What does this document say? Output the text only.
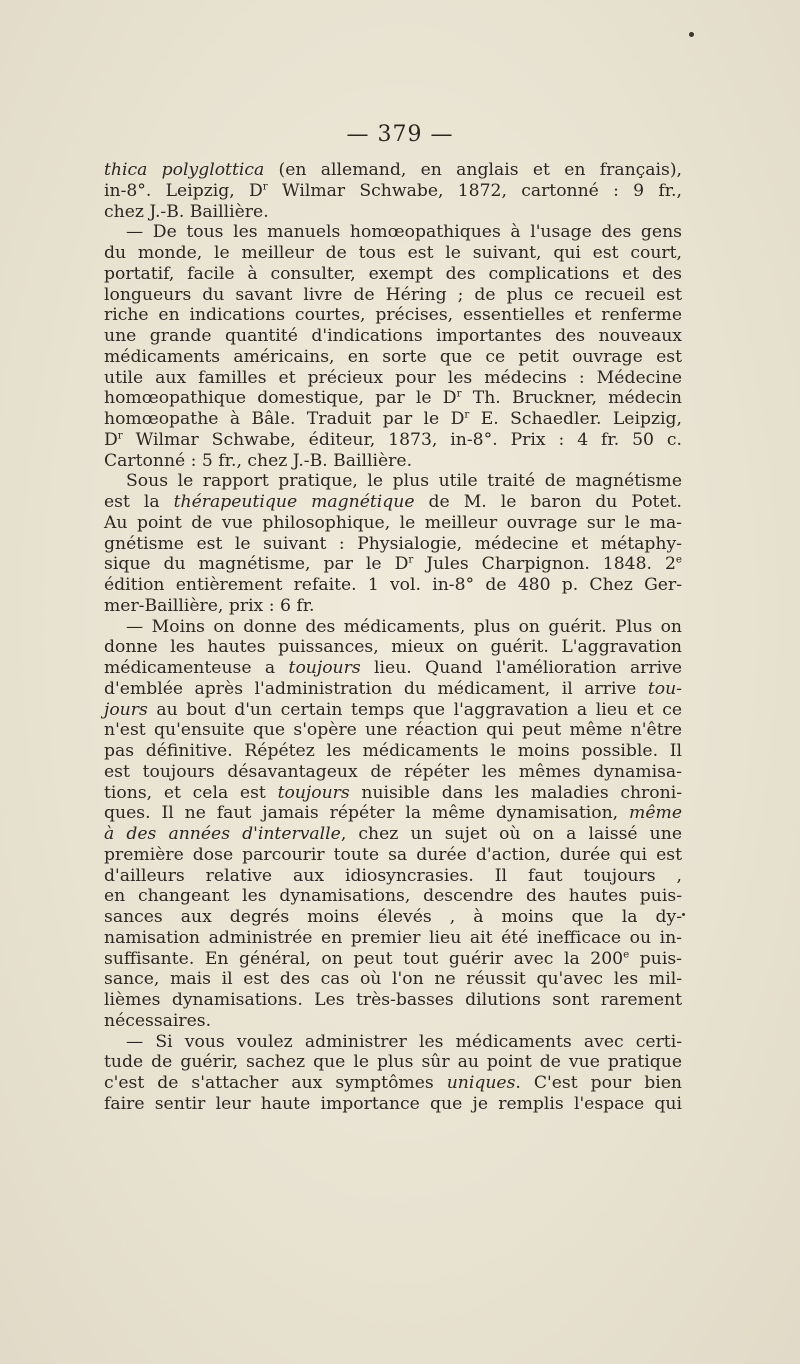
— 379 —
thica polyglottica (en allemand, en anglais et en français),
in-8°. Leipzig, $D^r$ Wilmar Schwabe, 1872, cartonné : 9 fr.,
chez J.-B. Baillière.
— De tous les manuels homœopathiques à l'usage des gens
du monde, le meilleur de tous est le suivant, qui est court,
portatif, facile à consulter, exempt des complications et des
longueurs du savant livre de Héring ; de plus ce recueil est
riche en indications courtes, précises, essentielles et renferme
une grande quantité d'indications importantes des nouveaux
médicaments américains, en sorte que ce petit ouvrage est
utile aux familles et précieux pour les médecins : Médecine
homœopathique domestique, par le $D^r$ Th. Bruckner, médecin
homœopathe à Bâle. Traduit par le $D^r$ E. Schaedler. Leipzig,
$D^r$ Wilmar Schwabe, éditeur, 1873, in-8°. Prix : 4 fr. 50 c.
Cartonné : 5 fr., chez J.-B. Baillière.
Sous le rapport pratique, le plus utile traité de magnétisme
est la thérapeutique magnétique de M. le baron du Potet.
Au point de vue philosophique, le meilleur ouvrage sur le ma-
gnétisme est le suivant : Physialogie, médecine et métaphy-
sique du magnétisme, par le $D^r$ Jules Charpignon. 1848. 2e
édition entièrement refaite. 1 vol. in-8° de 480 p. Chez Ger-
mer-Baillière, prix : 6 fr.
— Moins on donne des médicaments, plus on guérit. Plus on
donne les hautes puissances, mieux on guérit. L'aggravation
médicamenteuse a toujours lieu. Quand l'amélioration arrive
d'emblée après l'administration du médicament, il arrive tou-
jours au bout d'un certain temps que l'aggravation a lieu et ce
n'est qu'ensuite que s'opère une réaction qui peut même n'être
pas définitive. Répétez les médicaments le moins possible. Il
est toujours désavantageux de répéter les mêmes dynamisa-
tions, et cela est toujours nuisible dans les maladies chroni-
ques. Il ne faut jamais répéter la même dynamisation, même
à des années d'intervalle, chez un sujet où on a laissé une
première dose parcourir toute sa durée d'action, durée qui est
d'ailleurs relative aux idiosyncrasies. Il faut toujours ,
en changeant les dynamisations, descendre des hautes puis-
sances aux degrés moins élevés , à moins que la dy-
namisation administrée en premier lieu ait été inefficace ou in-
suffisante. En général, on peut tout guérir avec la 200e puis-
sance, mais il est des cas où l'on ne réussit qu'avec les mil-
lièmes dynamisations. Les très-basses dilutions sont rarement
nécessaires.
— Si vous voulez administrer les médicaments avec certi-
tude de guérir, sachez que le plus sûr au point de vue pratique
c'est de s'attacher aux symptômes uniques. C'est pour bien
faire sentir leur haute importance que je remplis l'espace qui
